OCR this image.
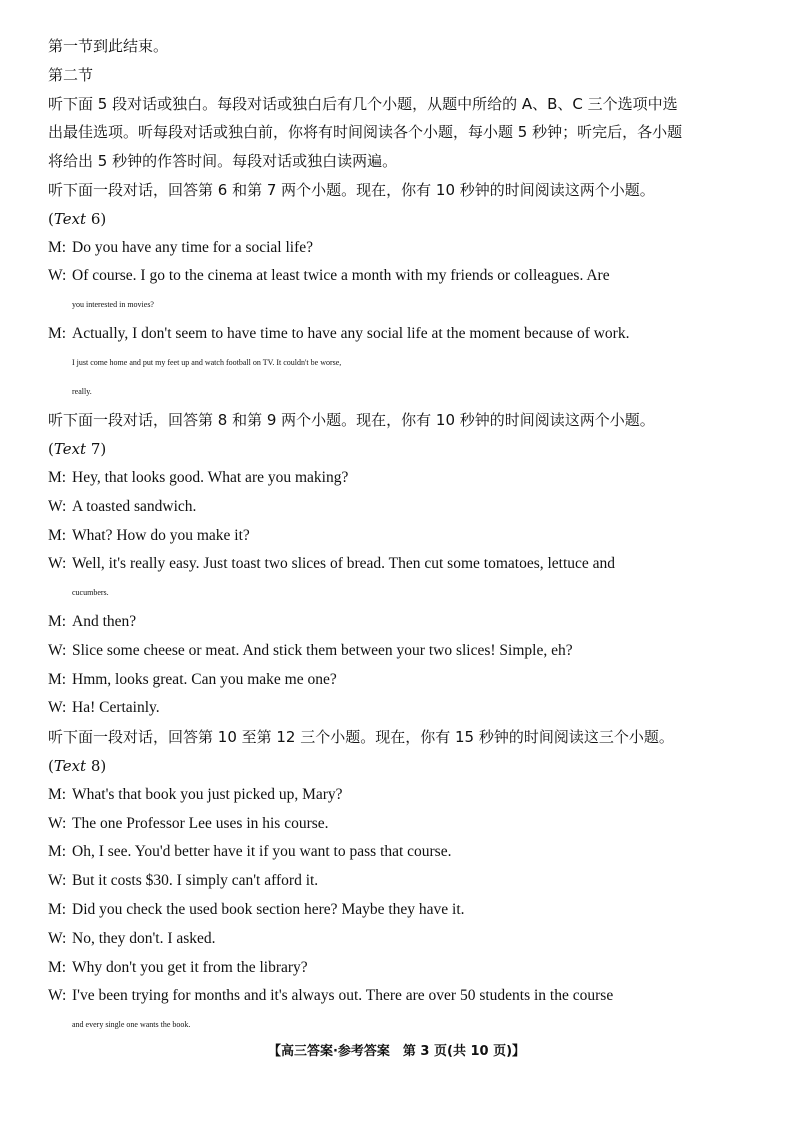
第一节到此结束。
第二节
听下面 5 段对话或独白。每段对话或独白后有几个小题，从题中所给的 A、B、C 三个选项中选
出最佳选项。听每段对话或独白前，你将有时间阅读各个小题，每小题 5 秒钟；听完后，各小题
将给出 5 秒钟的作答时间。每段对话或独白读两遍。
听下面一段对话，回答第 6 和第 7 两个小题。现在，你有 10 秒钟的时间阅读这两个小题。
(Text 6)
M: Do you have any time for a social life?
W: Of course. I go to the cinema at least twice a month with my friends or colleagues. Are
you interested in movies?
M: Actually, I don't seem to have time to have any social life at the moment because of work.
I just come home and put my feet up and watch football on TV. It couldn't be worse,
really.
听下面一段对话，回答第 8 和第 9 两个小题。现在，你有 10 秒钟的时间阅读这两个小题。
(Text 7)
M: Hey, that looks good. What are you making?
W: A toasted sandwich.
M: What? How do you make it?
W: Well, it's really easy. Just toast two slices of bread. Then cut some tomatoes, lettuce and
cucumbers.
M: And then?
W: Slice some cheese or meat. And stick them between your two slices! Simple, eh?
M: Hmm, looks great. Can you make me one?
W: Ha! Certainly.
听下面一段对话，回答第 10 至第 12 三个小题。现在，你有 15 秒钟的时间阅读这三个小题。
(Text 8)
M: What's that book you just picked up, Mary?
W: The one Professor Lee uses in his course.
M: Oh, I see. You'd better have it if you want to pass that course.
W: But it costs $30. I simply can't afford it.
M: Did you check the used book section here? Maybe they have it.
W: No, they don't. I asked.
M: Why don't you get it from the library?
W: I've been trying for months and it's always out. There are over 50 students in the course
and every single one wants the book.
【高三答案·参考答案　第 3 页(共 10 页)】
